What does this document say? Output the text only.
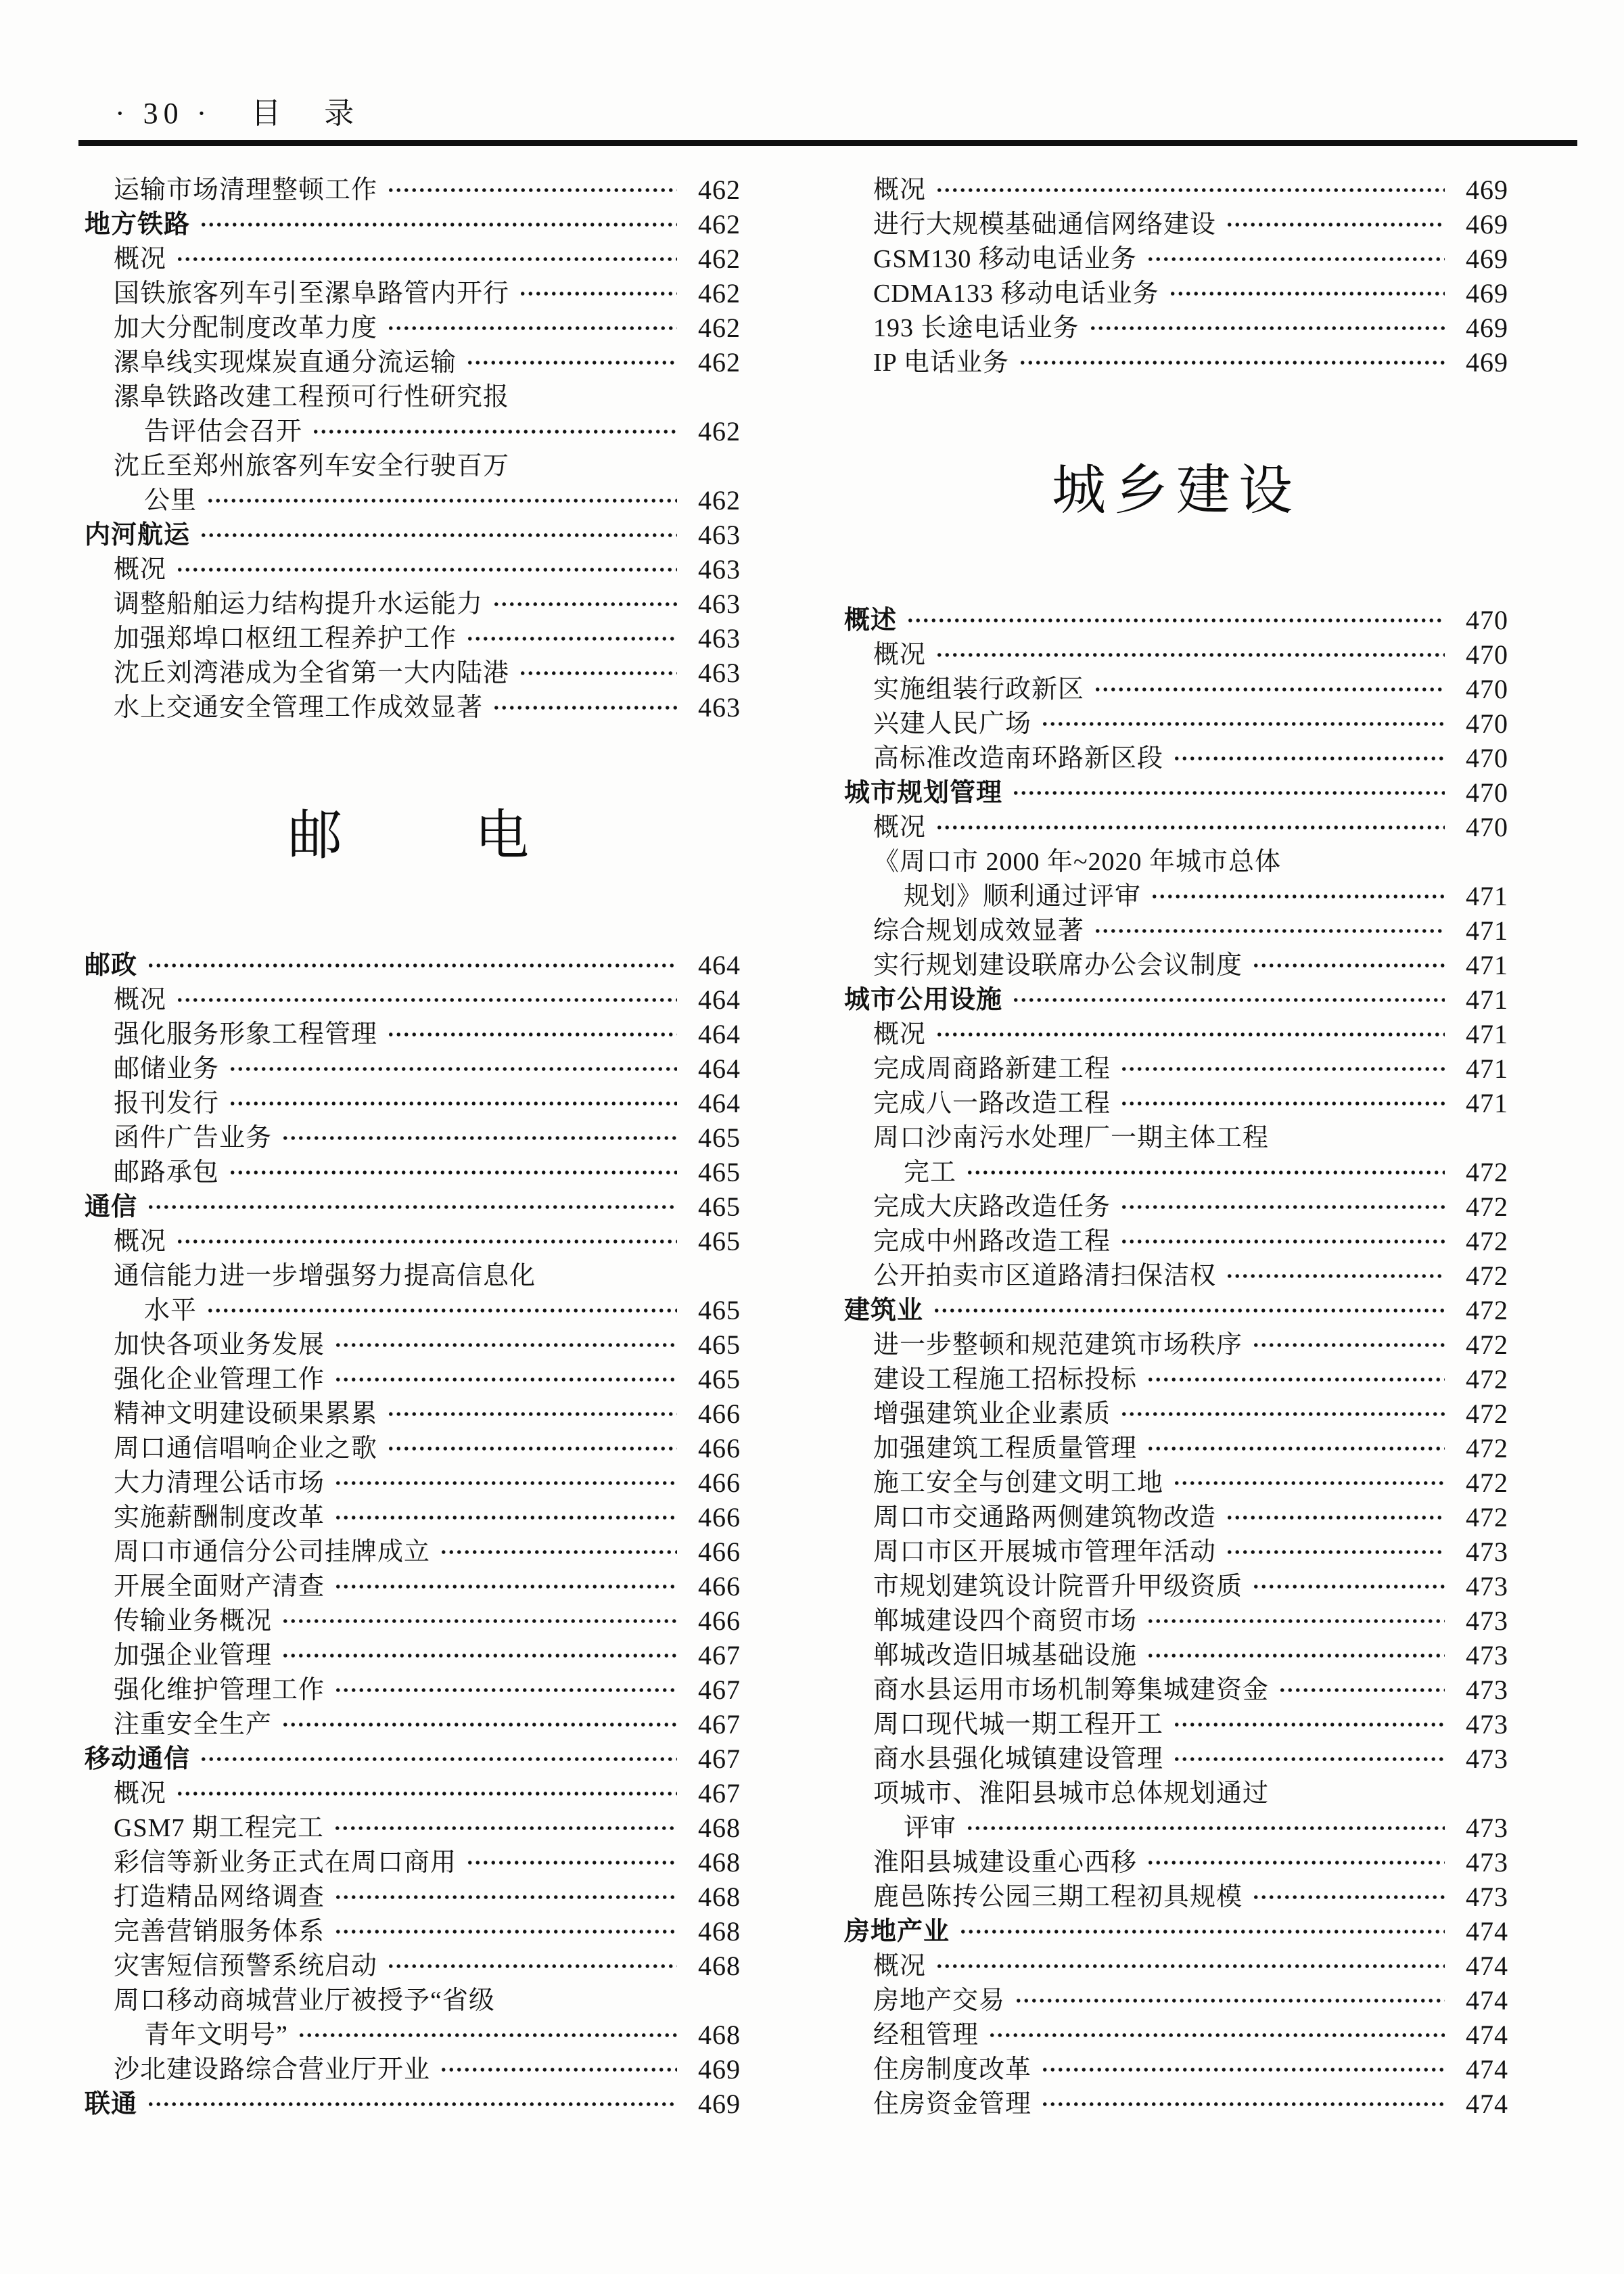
· 30 · 目　录
运输市场清理整顿工作	462
地方铁路	462
概况	462
国铁旅客列车引至漯阜路管内开行	462
加大分配制度改革力度	462
漯阜线实现煤炭直通分流运输	462
漯阜铁路改建工程预可行性研究报
告评估会召开	462
沈丘至郑州旅客列车安全行驶百万
公里	462
内河航运	463
概况	463
调整船舶运力结构提升水运能力	463
加强郑埠口枢纽工程养护工作	463
沈丘刘湾港成为全省第一大内陆港	463
水上交通安全管理工作成效显著	463
邮　　电
邮政	464
概况	464
强化服务形象工程管理	464
邮储业务	464
报刊发行	464
函件广告业务	465
邮路承包	465
通信	465
概况	465
通信能力进一步增强努力提高信息化
水平	465
加快各项业务发展	465
强化企业管理工作	465
精神文明建设硕果累累	466
周口通信唱响企业之歌	466
大力清理公话市场	466
实施薪酬制度改革	466
周口市通信分公司挂牌成立	466
开展全面财产清查	466
传输业务概况	466
加强企业管理	467
强化维护管理工作	467
注重安全生产	467
移动通信	467
概况	467
GSM7 期工程完工	468
彩信等新业务正式在周口商用	468
打造精品网络调查	468
完善营销服务体系	468
灾害短信预警系统启动	468
周口移动商城营业厅被授予“省级
青年文明号”	468
沙北建设路综合营业厅开业	469
联通	469
概况	469
进行大规模基础通信网络建设	469
GSM130 移动电话业务	469
CDMA133 移动电话业务	469
193 长途电话业务	469
IP 电话业务	469
城乡建设
概述	470
概况	470
实施组装行政新区	470
兴建人民广场	470
高标准改造南环路新区段	470
城市规划管理	470
概况	470
《周口市 2000 年~2020 年城市总体
规划》顺利通过评审	471
综合规划成效显著	471
实行规划建设联席办公会议制度	471
城市公用设施	471
概况	471
完成周商路新建工程	471
完成八一路改造工程	471
周口沙南污水处理厂一期主体工程
完工	472
完成大庆路改造任务	472
完成中州路改造工程	472
公开拍卖市区道路清扫保洁权	472
建筑业	472
进一步整顿和规范建筑市场秩序	472
建设工程施工招标投标	472
增强建筑业企业素质	472
加强建筑工程质量管理	472
施工安全与创建文明工地	472
周口市交通路两侧建筑物改造	472
周口市区开展城市管理年活动	473
市规划建筑设计院晋升甲级资质	473
郸城建设四个商贸市场	473
郸城改造旧城基础设施	473
商水县运用市场机制筹集城建资金	473
周口现代城一期工程开工	473
商水县强化城镇建设管理	473
项城市、淮阳县城市总体规划通过
评审	473
淮阳县城建设重心西移	473
鹿邑陈抟公园三期工程初具规模	473
房地产业	474
概况	474
房地产交易	474
经租管理	474
住房制度改革	474
住房资金管理	474
